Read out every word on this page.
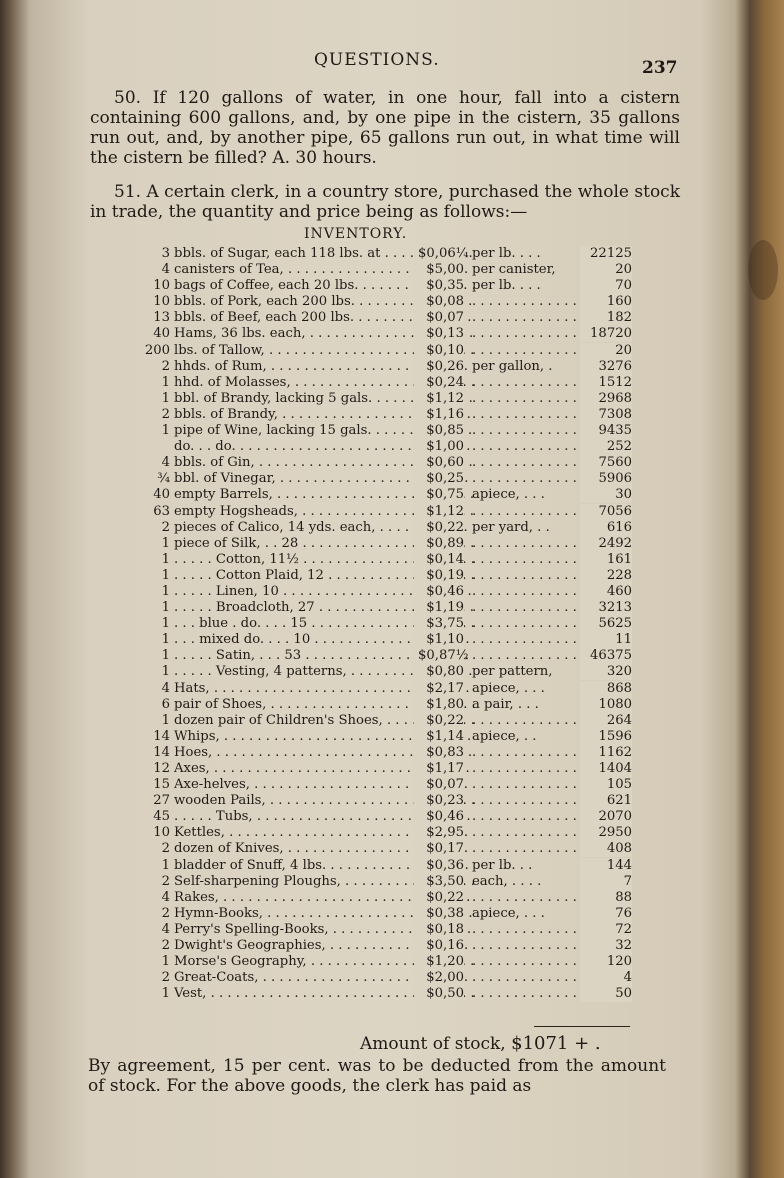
QUESTIONS.	237
50. If 120 gallons of water, in one hour, fall into a cistern containing 600 gallons, and, by one pipe in the cistern, 35 gallons run out, and, by another pipe, 65 gallons run out, in what time will the cistern be filled? A. 30 hours.
51. A certain clerk, in a country store, purchased the whole stock in trade, the quantity and price being as follows:—
INVENTORY.
3 bbls. of Sugar, each 118 lbs. at . . .	$0,06¼ per lb. . . .	22125
4 canisters of Tea, . . .	$5,00 per canister,	20
10 bags of Coffee, each 20 lbs. . . .	$0,35 per lb. . . .	70
10 bbls. of Pork, each 200 lbs. . . .	$0,08 . . .	160
13 bbls. of Beef, each 200 lbs. . . .	$0,07 . . .	182
40 Hams, 36 lbs. each, . . .	$0,13 . . .	18720
200 lbs. of Tallow, . . .	$0,10 . . .	20
2 hhds. of Rum, . . .	$0,26 per gallon, .	3276
1 hhd. of Molasses, . . .	$0,24 . . .	1512
1 bbl. of Brandy, lacking 5 gals. . . .	$1,12 . . .	2968
2 bbls. of Brandy, . . .	$1,16 . . .	7308
1 pipe of Wine, lacking 15 gals. . . .	$0,85 . . .	9435
do. . . do. . . .	$1,00 . . .	252
4 bbls. of Gin, . . .	$0,60 . . .	7560
¾ bbl. of Vinegar, . . .	$0,25 . . .	5906
40 empty Barrels, . . .	$0,75 apiece, . . .	30
63 empty Hogsheads, . . .	$1,12 . . .	7056
2 pieces of Calico, 14 yds. each, . . .	$0,22 per yard, . .	616
1 piece of Silk, . . 28 . . .	$0,89 . . .	2492
1 . . . . . Cotton, 11½ . . .	$0,14 . . .	161
1 . . . . . Cotton Plaid, 12 . . .	$0,19 . . .	228
1 . . . . . Linen, 10 . . .	$0,46 . . .	460
1 . . . . . Broadcloth, 27 . . .	$1,19 . . .	3213
1 . . . blue . do. . . . 15 . . .	$3,75 . . .	5625
1 . . . mixed do. . . . 10 . . .	$1,10 . . .	11
1 . . . . . Satin, . . . 53 . . .	$0,87½ . . .	46375
1 . . . . . Vesting, 4 patterns, . . .	$0,80 per pattern,	320
4 Hats, . . .	$2,17 apiece, . . .	868
6 pair of Shoes, . . .	$1,80 a pair, . . .	1080
1 dozen pair of Children's Shoes, . . .	$0,22 . . .	264
14 Whips, . . .	$1,14 apiece, . .	1596
14 Hoes, . . .	$0,83 . . .	1162
12 Axes, . . .	$1,17 . . .	1404
15 Axe-helves, . . .	$0,07 . . .	105
27 wooden Pails, . . .	$0,23 . . .	621
45 . . . . . Tubs, . . .	$0,46 . . .	2070
10 Kettles, . . .	$2,95 . . .	2950
2 dozen of Knives, . . .	$0,17 . . .	408
1 bladder of Snuff, 4 lbs. . . .	$0,36 per lb. . .	144
2 Self-sharpening Ploughs, . . .	$3,50 each, . . . .	7
4 Rakes, . . .	$0,22 . . .	88
2 Hymn-Books, . . .	$0,38 apiece, . . .	76
4 Perry's Spelling-Books, . . .	$0,18 . . .	72
2 Dwight's Geographies, . . .	$0,16 . . .	32
1 Morse's Geography, . . .	$1,20 . . .	120
2 Great-Coats, . . .	$2,00 . . .	4
1 Vest, . . .	$0,50 . . .	50
Amount of stock, $1071 + .
By agreement, 15 per cent. was to be deducted from the amount of stock. For the above goods, the clerk has paid as
